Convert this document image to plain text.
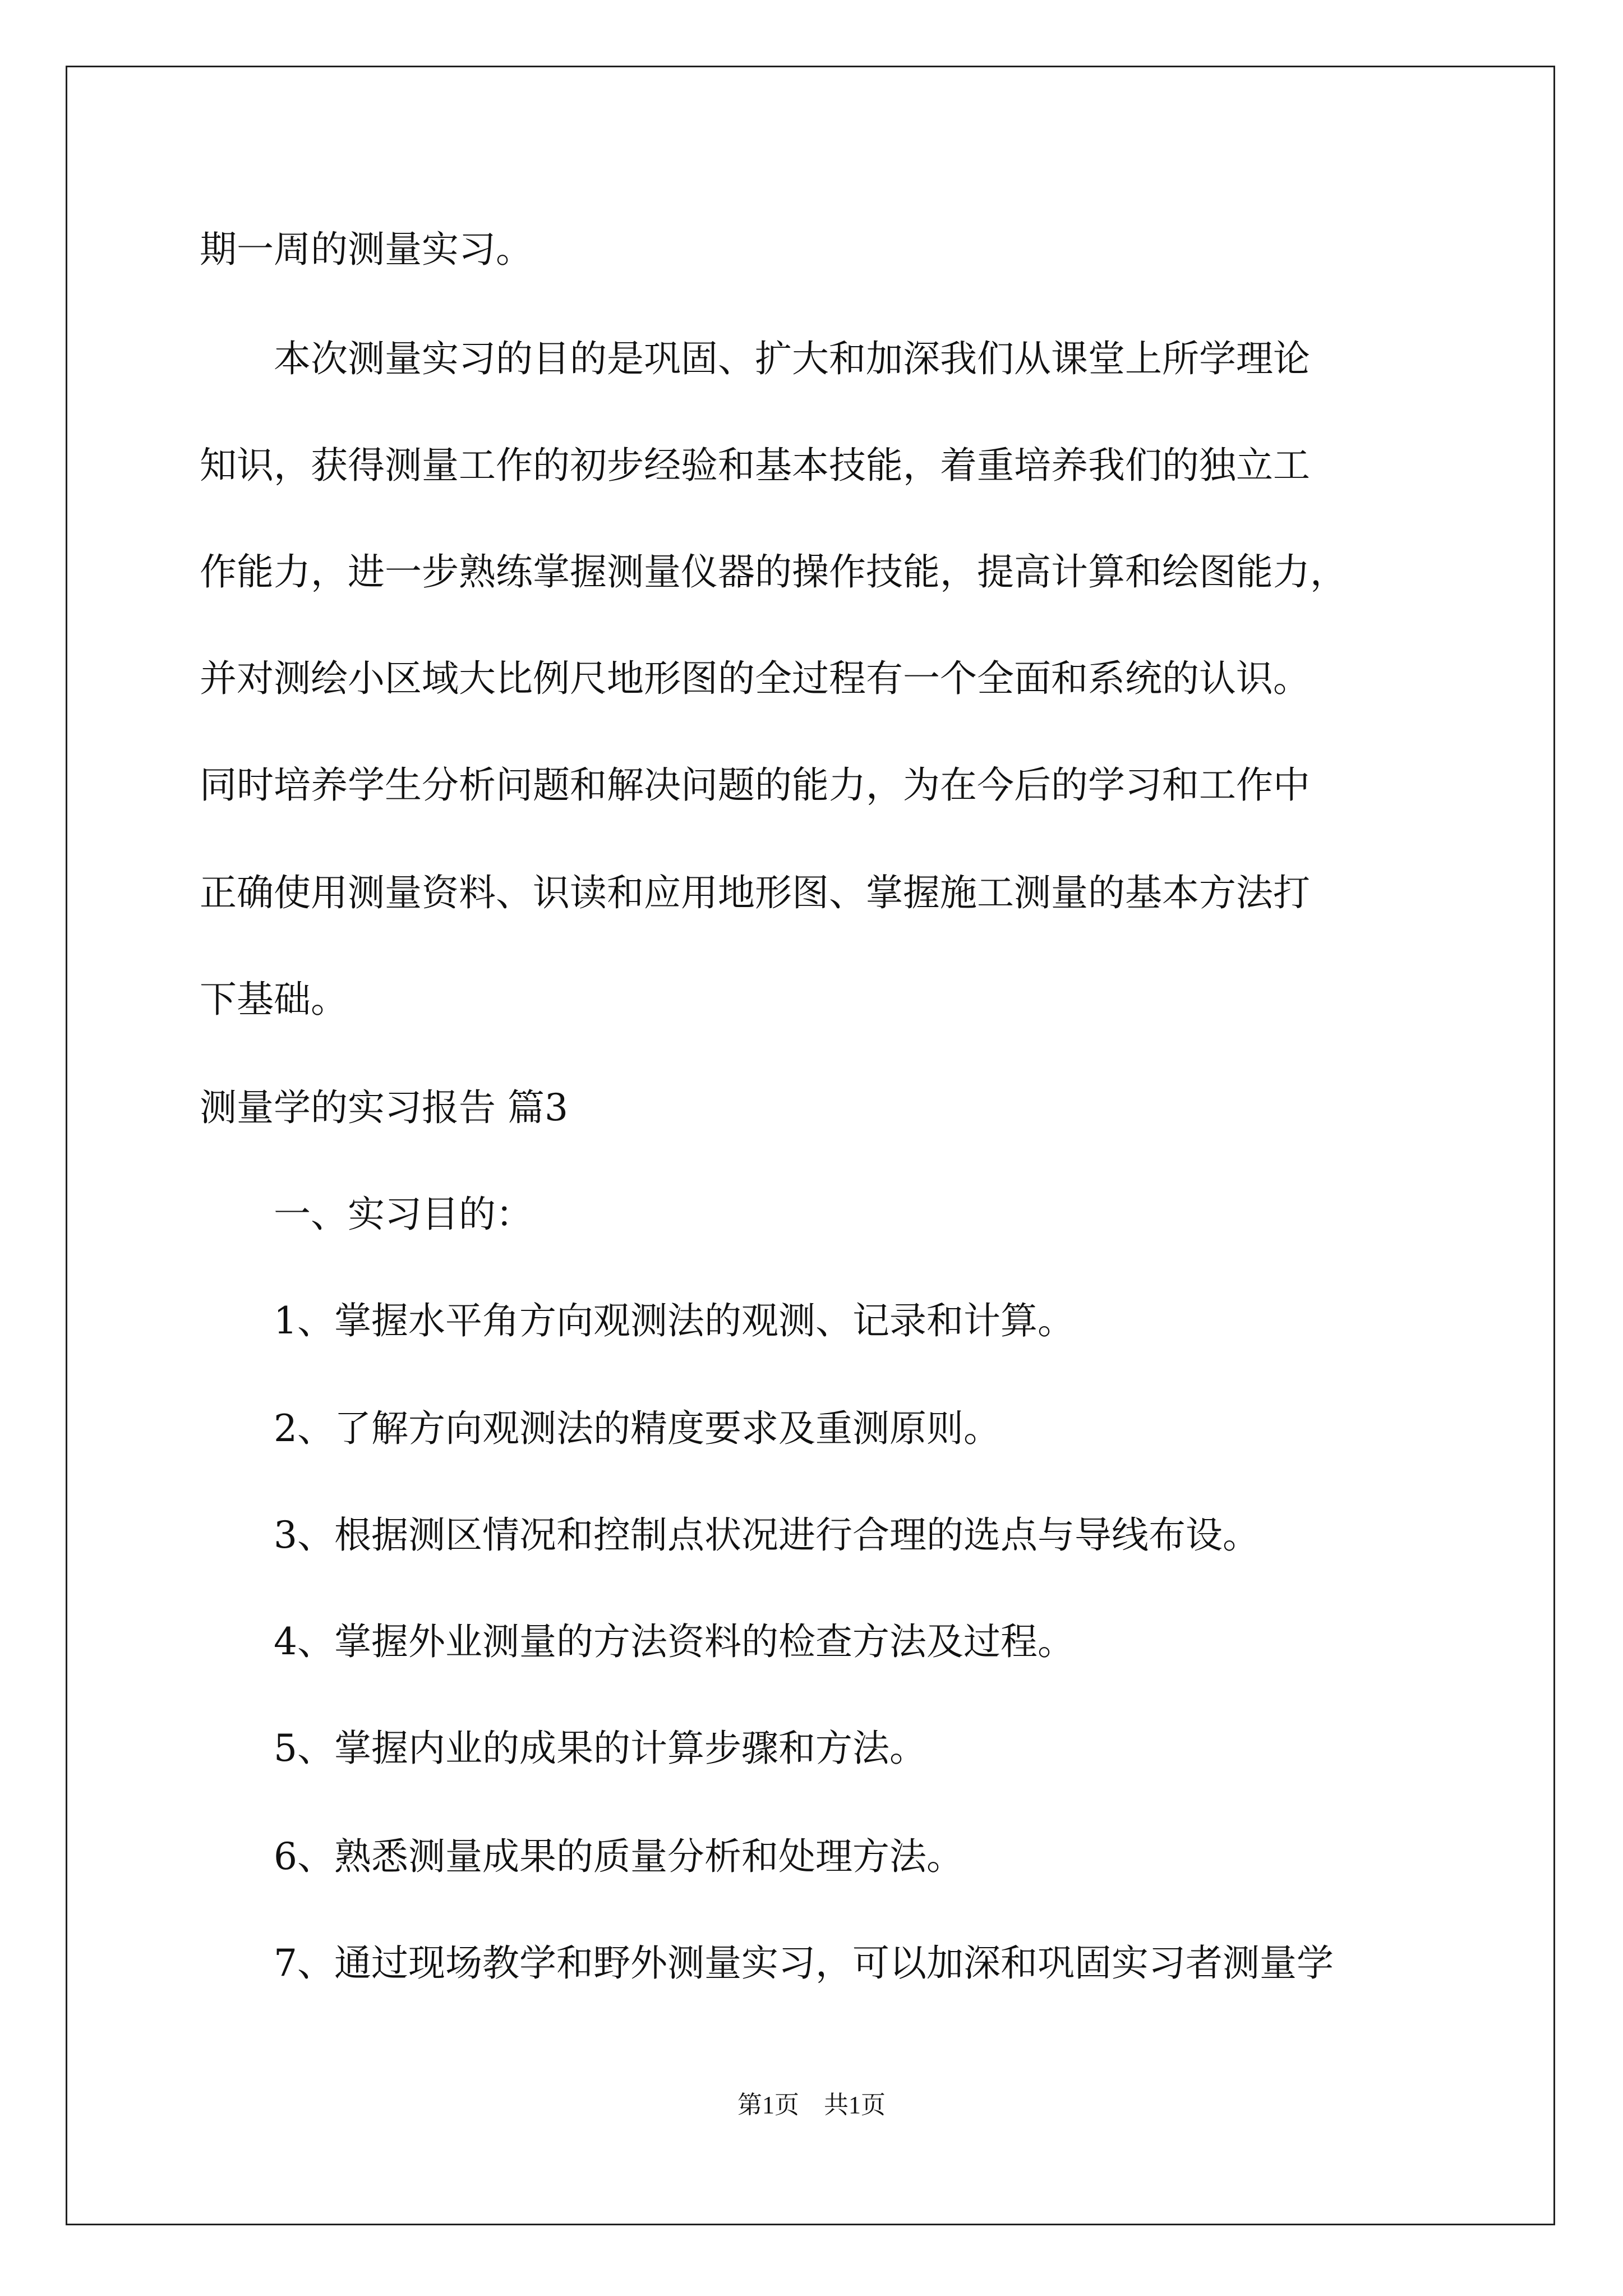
期一周的测量实习。
　　本次测量实习的目的是巩固、扩大和加深我们从课堂上所学理论
知识，获得测量工作的初步经验和基本技能，着重培养我们的独立工
作能力，进一步熟练掌握测量仪器的操作技能，提高计算和绘图能力，
并对测绘小区域大比例尺地形图的全过程有一个全面和系统的认识。
同时培养学生分析问题和解决问题的能力，为在今后的学习和工作中
正确使用测量资料、识读和应用地形图、掌握施工测量的基本方法打
下基础。
测量学的实习报告 篇3
　　一、实习目的：
　　1、掌握水平角方向观测法的观测、记录和计算。
　　2、了解方向观测法的精度要求及重测原则。
　　3、根据测区情况和控制点状况进行合理的选点与导线布设。
　　4、掌握外业测量的方法资料的检查方法及过程。
　　5、掌握内业的成果的计算步骤和方法。
　　6、熟悉测量成果的质量分析和处理方法。
　　7、通过现场教学和野外测量实习，可以加深和巩固实习者测量学
第1页　共1页
